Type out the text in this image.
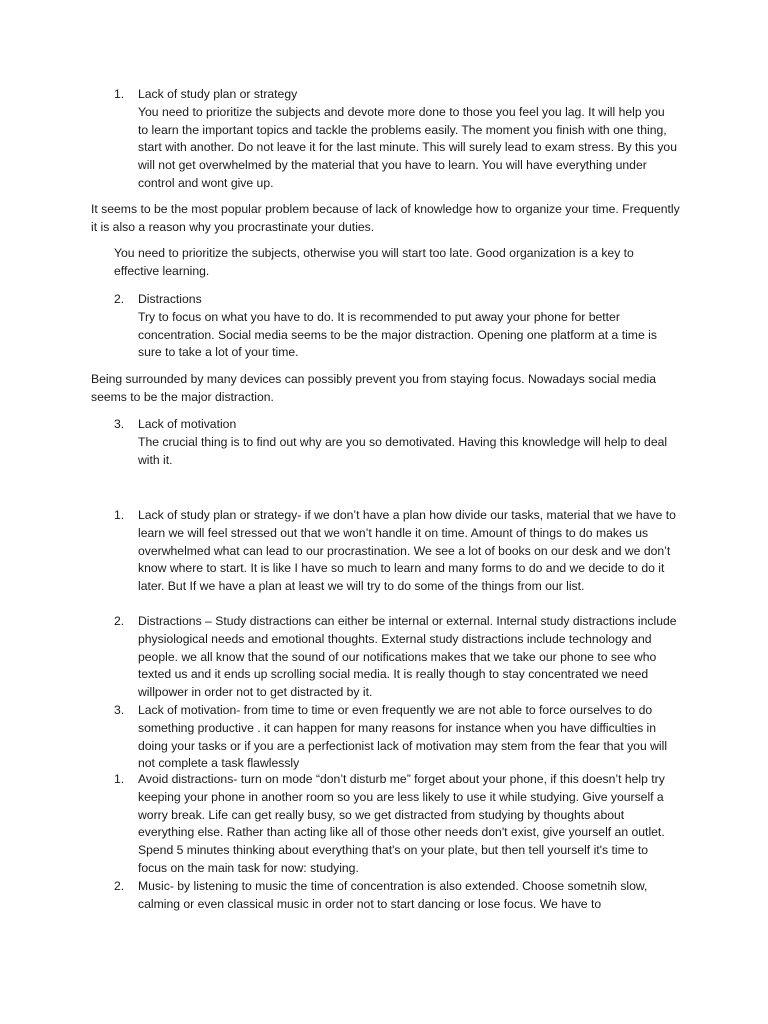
1.	Lack of study plan or strategy

You need to prioritize the subjects and devote more done to those you feel you lag. It will help you to learn the important topics and tackle the problems easily. The moment you finish with one thing, start with another. Do not leave it for the last minute. This will surely lead to exam stress. By this you will not get overwhelmed by the material that you have to learn. You will have everything under control and wont give up.

It seems to be the most popular problem because of lack of knowledge how to organize your time. Frequently it is also a reason why you procrastinate your duties.

You need to prioritize the subjects, otherwise you will start too late. Good organization is a key to effective learning.

2.	Distractions

Try to focus on what you have to do. It is recommended to put away your phone for better concentration. Social media seems to be the major distraction. Opening one platform at a time is sure to take a lot of your time.

Being surrounded by many devices can possibly prevent you from staying focus. Nowadays social media seems to be the major distraction.

3.	Lack of motivation

The crucial thing is to find out why are you so demotivated. Having this knowledge will help to deal with it.

1.	Lack of study plan or strategy- if we don’t have a plan how divide our tasks, material that we have to learn we will feel stressed out that we won’t handle it on time. Amount of things to do makes us overwhelmed what can lead to our procrastination. We see a lot of books on our desk and we don’t know where to start. It is like I have so much to learn and many forms to do and we decide to do it later. But If we have a plan at least we will try to do some of the things from our list.

2.	Distractions – Study distractions can either be internal or external. Internal study distractions include physiological needs and emotional thoughts. External study distractions include technology and people. we all know that the sound of our notifications makes that we take our phone to see who texted us and it ends up scrolling social media. It is really though to stay concentrated we need willpower in order not to get distracted by it.

3.	Lack of motivation- from time to time or even frequently we are not able to force ourselves to do something productive . it can happen for many reasons for instance when you have difficulties in doing your tasks or if you are a perfectionist lack of motivation may stem from the fear that you will not complete a task flawlessly

1.	Avoid distractions- turn on mode “don’t disturb me” forget about your phone, if this doesn’t help try keeping your phone in another room so you are less likely to use it while studying. Give yourself a worry break. Life can get really busy, so we get distracted from studying by thoughts about everything else. Rather than acting like all of those other needs don't exist, give yourself an outlet. Spend 5 minutes thinking about everything that's on your plate, but then tell yourself it's time to focus on the main task for now: studying.

2.	Music- by listening to music the time of concentration is also extended. Choose sometnih slow, calming or even classical music in order not to start dancing or lose focus. We have to
